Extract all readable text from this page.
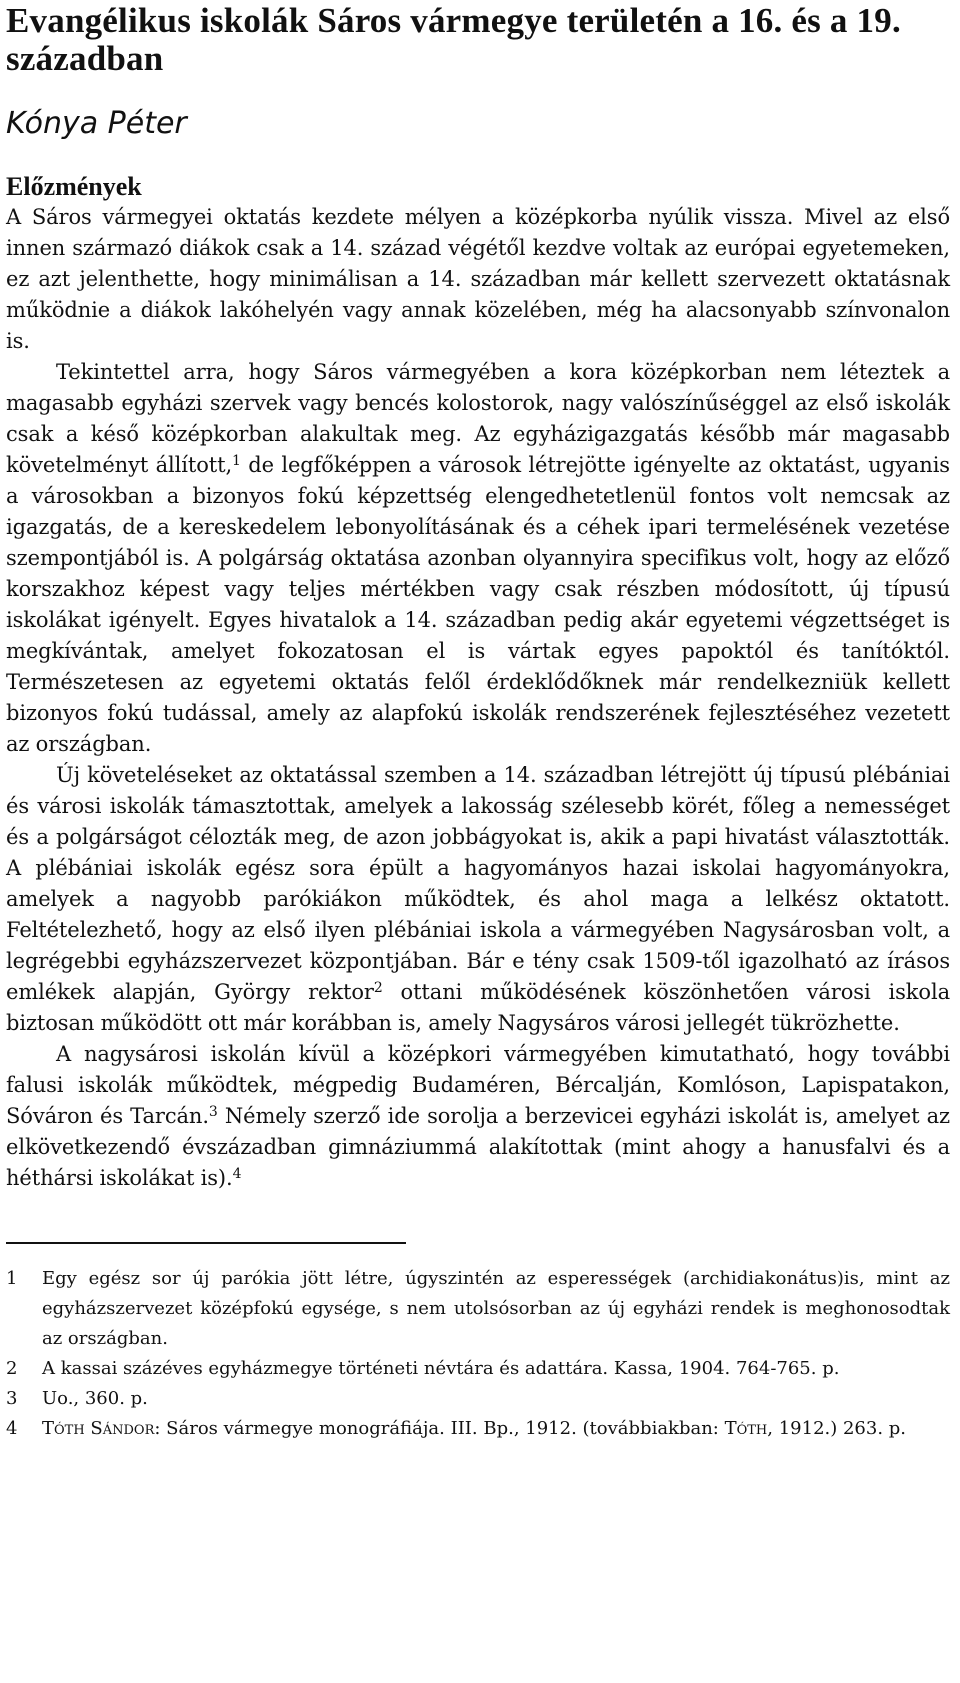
Evangélikus iskolák Sáros vármegye területén a 16. és a 19. században
Kónya Péter
Előzmények

A Sáros vármegyei oktatás kezdete mélyen a középkorba nyúlik vissza. Mivel az első innen származó diákok csak a 14. század végétől kezdve voltak az európai egyetemeken, ez azt jelenthette, hogy minimálisan a 14. században már kellett szervezett oktatásnak működnie a diákok lakóhelyén vagy annak közelében, még ha alacsonyabb színvonalon is.

Tekintettel arra, hogy Sáros vármegyében a kora középkorban nem léteztek a magasabb egyházi szervek vagy bencés kolostorok, nagy valószínűséggel az első iskolák csak a késő középkorban alakultak meg. Az egyházigazgatás később már magasabb követelményt állított,$^1$ de legfőképpen a városok létrejötte igényelte az oktatást, ugyanis a városokban a bizonyos fokú képzettség elengedhetetlenül fontos volt nemcsak az igazgatás, de a kereskedelem lebonyolításának és a céhek ipari termelésének vezetése szempontjából is. A polgárság oktatása azonban olyannyira specifikus volt, hogy az előző korszakhoz képest vagy teljes mértékben vagy csak részben módosított, új típusú iskolákat igényelt. Egyes hivatalok a 14. században pedig akár egyetemi végzettséget is megkívántak, amelyet fokozatosan el is vártak egyes papoktól és tanítóktól. Természetesen az egyetemi oktatás felől érdeklődőknek már rendelkezniük kellett bizonyos fokú tudással, amely az alapfokú iskolák rendszerének fejlesztéséhez vezetett az országban.

Új követeléseket az oktatással szemben a 14. században létrejött új típusú plébániai és városi iskolák támasztottak, amelyek a lakosság szélesebb körét, főleg a nemességet és a polgárságot célozták meg, de azon jobbágyokat is, akik a papi hivatást választották. A plébániai iskolák egész sora épült a hagyományos hazai iskolai hagyományokra, amelyek a nagyobb parókiákon működtek, és ahol maga a lelkész oktatott. Feltételezhető, hogy az első ilyen plébániai iskola a vármegyében Nagysárosban volt, a legrégebbi egyházszervezet központjában. Bár e tény csak 1509-től igazolható az írásos emlékek alapján, György rektor$^2$ ottani működésének köszönhetően városi iskola biztosan működött ott már korábban is, amely Nagysáros városi jellegét tükrözhette.

A nagysárosi iskolán kívül a középkori vármegyében kimutatható, hogy további falusi iskolák működtek, mégpedig Budaméren, Bércalján, Komlóson, Lapispatakon, Sóváron és Tarcán.$^3$ Némely szerző ide sorolja a berzevicei egyházi iskolát is, amelyet az elkövetkezendő évszázadban gimnáziummá alakítottak (mint ahogy a hanusfalvi és a héthársi iskolákat is).$^4$

1	Egy egész sor új parókia jött létre, úgyszintén az esperességek (archidiakonátus)is, mint az egyházszervezet középfokú egysége, s nem utolsósorban az új egyházi rendek is meghonosodtak az országban.
2	A kassai százéves egyházmegye történeti névtára és adattára. Kassa, 1904. 764-765. p.
3	Uo., 360. p.
4	Tóth Sándor: Sáros vármegye monográfiája. III. Bp., 1912. (továbbiakban: Tóth, 1912.) 263. p.
